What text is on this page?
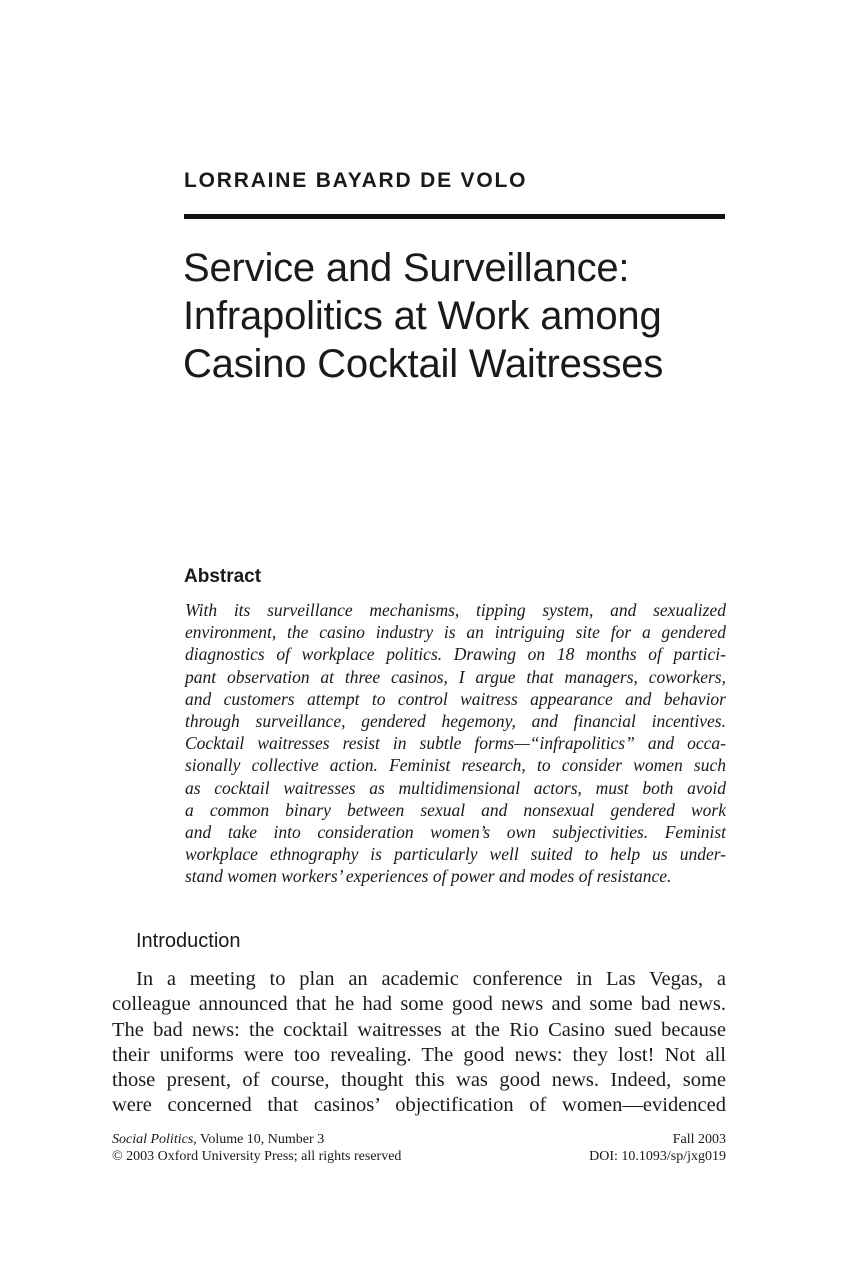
LORRAINE BAYARD DE VOLO
Service and Surveillance:
Infrapolitics at Work among
Casino Cocktail Waitresses
Abstract
With its surveillance mechanisms, tipping system, and sexualized
environment, the casino industry is an intriguing site for a gendered
diagnostics of workplace politics. Drawing on 18 months of partici-
pant observation at three casinos, I argue that managers, coworkers,
and customers attempt to control waitress appearance and behavior
through surveillance, gendered hegemony, and financial incentives.
Cocktail waitresses resist in subtle forms—“infrapolitics” and occa-
sionally collective action. Feminist research, to consider women such
as cocktail waitresses as multidimensional actors, must both avoid
a common binary between sexual and nonsexual gendered work
and take into consideration women’s own subjectivities. Feminist
workplace ethnography is particularly well suited to help us under-
stand women workers’ experiences of power and modes of resistance.
Introduction
In a meeting to plan an academic conference in Las Vegas, a
colleague announced that he had some good news and some bad news.
The bad news: the cocktail waitresses at the Rio Casino sued because
their uniforms were too revealing. The good news: they lost! Not all
those present, of course, thought this was good news. Indeed, some
were concerned that casinos’ objectification of women—evidenced
Social Politics, Volume 10, Number 3	Fall 2003
© 2003 Oxford University Press; all rights reserved	DOI: 10.1093/sp/jxg019
